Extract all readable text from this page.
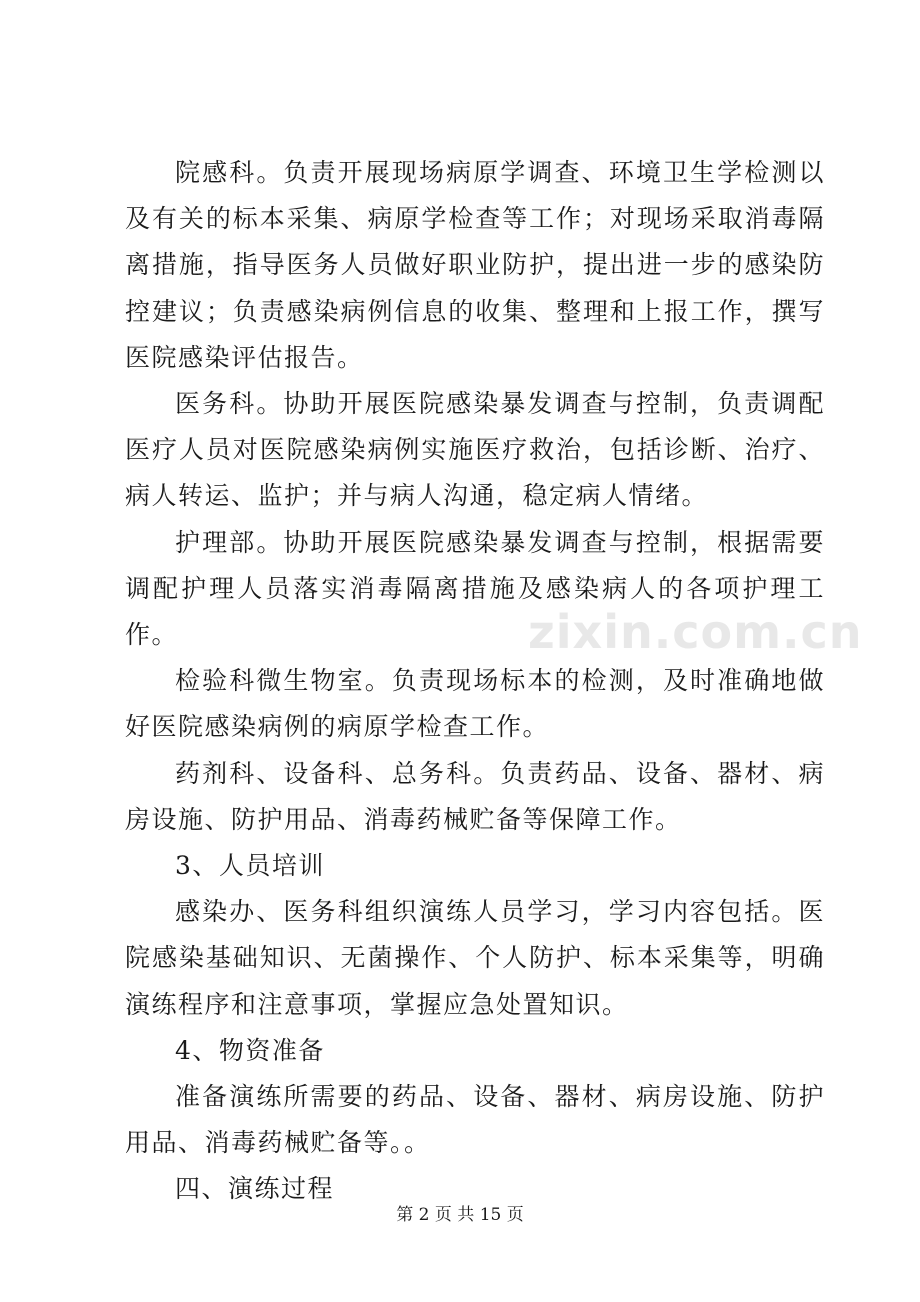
zixin.com.cn

院感科。负责开展现场病原学调查、环境卫生学检测以及有关的标本采集、病原学检查等工作；对现场采取消毒隔离措施，指导医务人员做好职业防护，提出进一步的感染防控建议；负责感染病例信息的收集、整理和上报工作，撰写医院感染评估报告。

医务科。协助开展医院感染暴发调查与控制，负责调配医疗人员对医院感染病例实施医疗救治，包括诊断、治疗、病人转运、监护；并与病人沟通，稳定病人情绪。

护理部。协助开展医院感染暴发调查与控制，根据需要调配护理人员落实消毒隔离措施及感染病人的各项护理工作。

检验科微生物室。负责现场标本的检测，及时准确地做好医院感染病例的病原学检查工作。

药剂科、设备科、总务科。负责药品、设备、器材、病房设施、防护用品、消毒药械贮备等保障工作。

3、人员培训

感染办、医务科组织演练人员学习，学习内容包括。医院感染基础知识、无菌操作、个人防护、标本采集等，明确演练程序和注意事项，掌握应急处置知识。

4、物资准备

准备演练所需要的药品、设备、器材、病房设施、防护用品、消毒药械贮备等。。

四、演练过程

第 2 页 共 15 页
